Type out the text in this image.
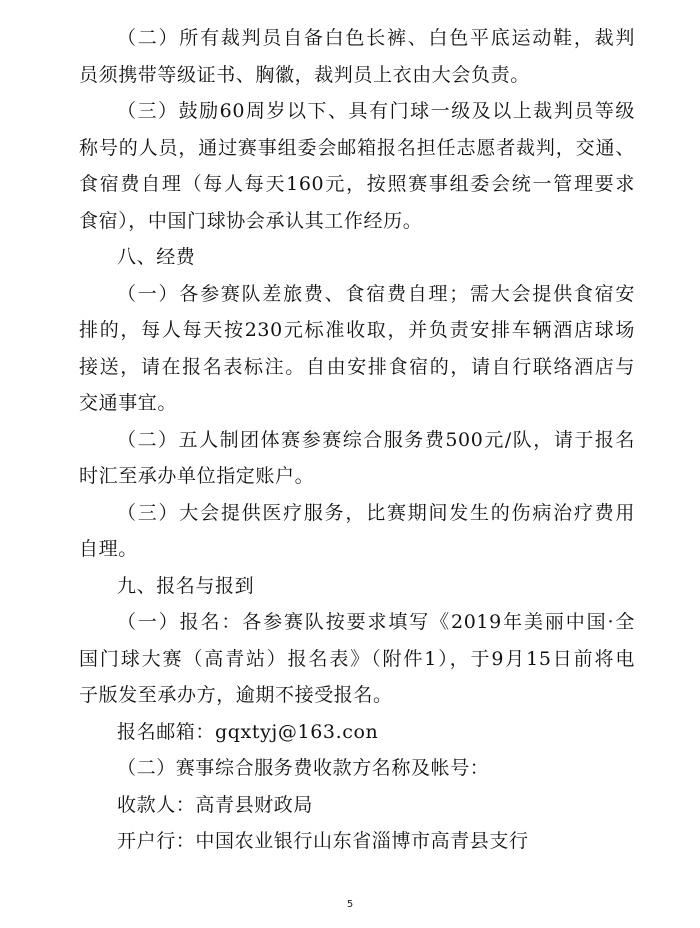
（二）所有裁判员自备白色长裤、白色平底运动鞋，裁判
员须携带等级证书、胸徽，裁判员上衣由大会负责。
（三）鼓励60周岁以下、具有门球一级及以上裁判员等级
称号的人员，通过赛事组委会邮箱报名担任志愿者裁判，交通、
食宿费自理（每人每天160元，按照赛事组委会统一管理要求
食宿），中国门球协会承认其工作经历。
八、经费
（一）各参赛队差旅费、食宿费自理；需大会提供食宿安
排的，每人每天按230元标准收取，并负责安排车辆酒店球场
接送，请在报名表标注。自由安排食宿的，请自行联络酒店与
交通事宜。
（二）五人制团体赛参赛综合服务费500元/队，请于报名
时汇至承办单位指定账户。
（三）大会提供医疗服务，比赛期间发生的伤病治疗费用
自理。
九、报名与报到
（一）报名：各参赛队按要求填写《2019年美丽中国·全
国门球大赛（高青站）报名表》（附件1），于9月15日前将电
子版发至承办方，逾期不接受报名。
报名邮箱：gqxtyj@163.con
（二）赛事综合服务费收款方名称及帐号：
收款人：高青县财政局
开户行：中国农业银行山东省淄博市高青县支行
5
